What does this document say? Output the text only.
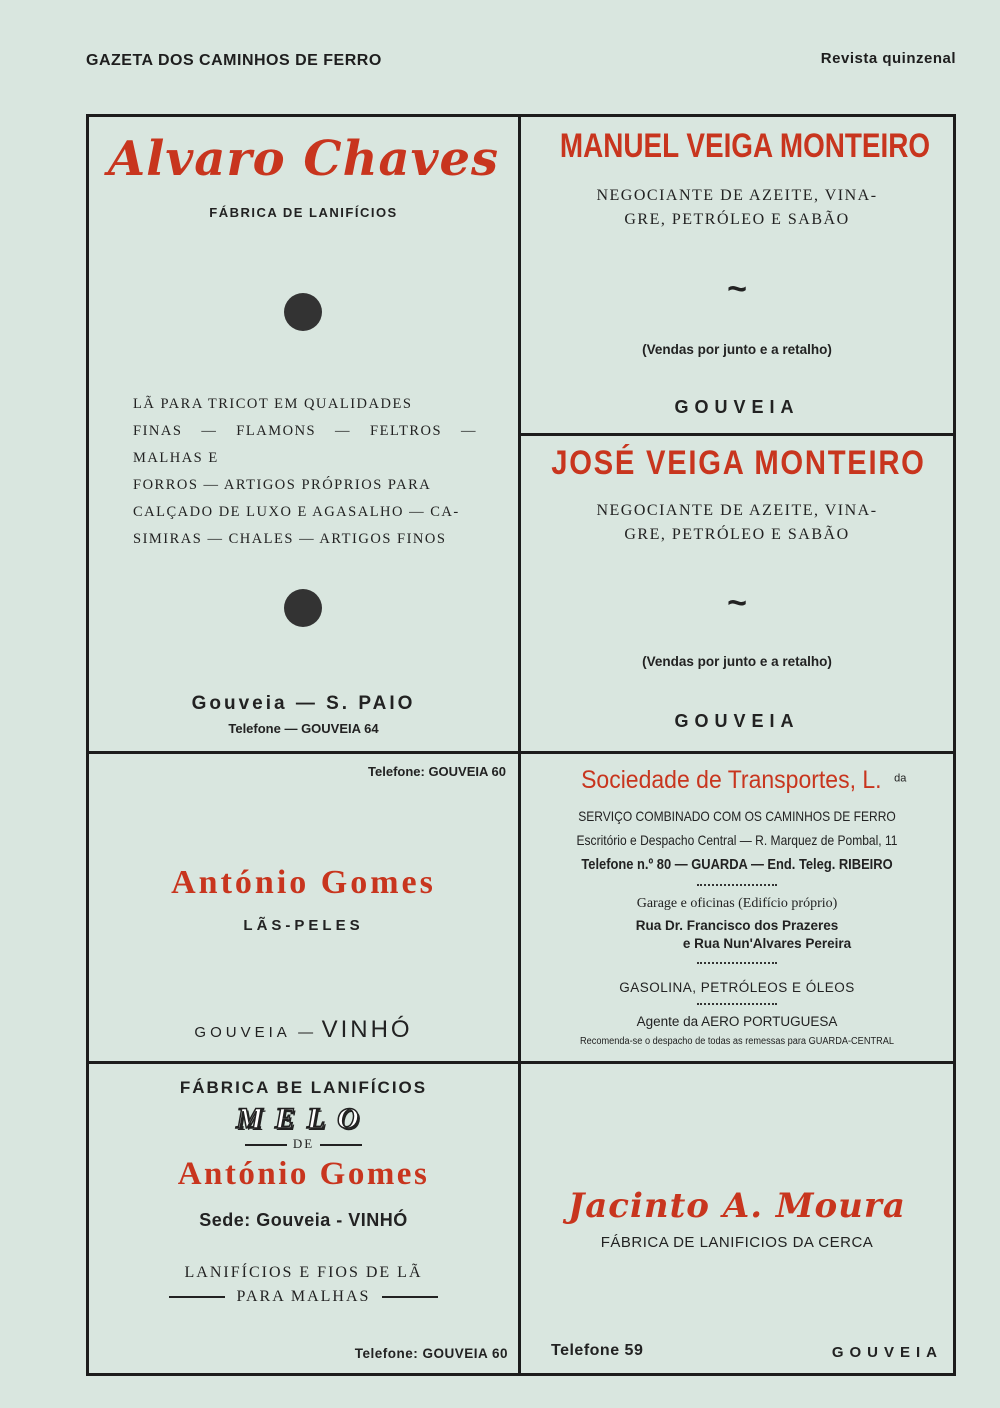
GAZETA DOS CAMINHOS DE FERRO	Revista quinzenal
Alvaro Chaves
FÁBRICA DE LANIFÍCIOS
LÃ PARA TRICOT EM QUALIDADES
FINAS — FLAMONS — FELTROS — MALHAS E
FORROS — ARTIGOS PRÓPRIOS PARA
CALÇADO DE LUXO E AGASALHO — CA-
SIMIRAS — CHALES — ARTIGOS FINOS
Gouveia — S. PAIO
Telefone — GOUVEIA 64
MANUEL VEIGA MONTEIRO
NEGOCIANTE DE AZEITE, VINA-
GRE, PETRÓLEO E SABÃO
~
(Vendas por junto e a retalho)
GOUVEIA
JOSÉ VEIGA MONTEIRO
NEGOCIANTE DE AZEITE, VINA-
GRE, PETRÓLEO E SABÃO
~
(Vendas por junto e a retalho)
GOUVEIA
Telefone: GOUVEIA 60
António Gomes
LÃS-PELES
GOUVEIA — VINHÓ
Sociedade de Transportes, L. $^{da}$
SERVIÇO COMBINADO COM OS CAMINHOS DE FERRO
Escritório e Despacho Central — R. Marquez de Pombal, 11
Telefone n.º 80 — GUARDA — End. Teleg. RIBEIRO
Garage e oficinas (Edifício próprio)
Rua Dr. Francisco dos Prazeres
e Rua Nun'Alvares Pereira
GASOLINA, PETRÓLEOS E ÓLEOS
Agente da AERO PORTUGUESA
Recomenda-se o despacho de todas as remessas para GUARDA-CENTRAL
FÁBRICA BE LANIFÍCIOS
MELO
DE
António Gomes
Sede: Gouveia - VINHÓ
LANIFÍCIOS E FIOS DE LÃ
PARA MALHAS
Telefone: GOUVEIA 60
Jacinto A. Moura
FÁBRICA DE LANIFICIOS DA CERCA
Telefone 59	GOUVEIA
